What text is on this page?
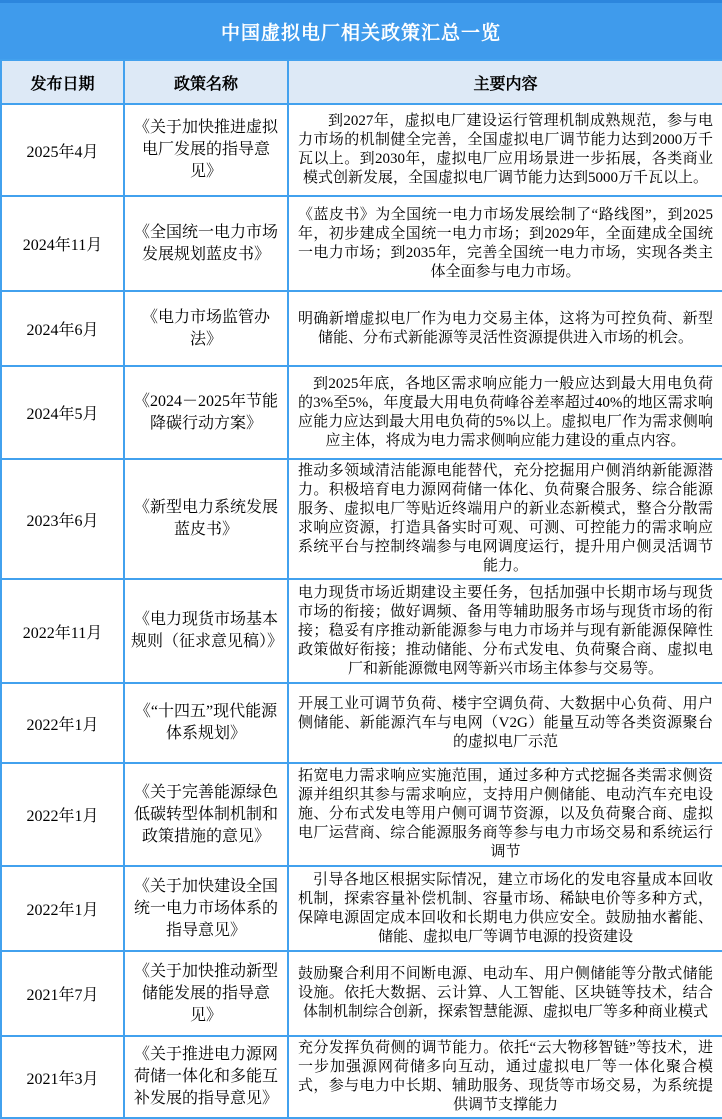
中国虚拟电厂相关政策汇总一览
发布日期	政策名称	主要内容
2025年4月	《关于加快推进虚拟电厂发展的指导意见》	到2027年，虚拟电厂建设运行管理机制成熟规范，参与电力市场的机制健全完善，全国虚拟电厂调节能力达到2000万千瓦以上。到2030年，虚拟电厂应用场景进一步拓展，各类商业模式创新发展，全国虚拟电厂调节能力达到5000万千瓦以上。

2024年11月	《全国统一电力市场发展规划蓝皮书》	《蓝皮书》为全国统一电力市场发展绘制了“路线图”，到2025年，初步建成全国统一电力市场；到2029年，全面建成全国统一电力市场；到2035年，完善全国统一电力市场，实现各类主体全面参与电力市场。

2024年6月	《电力市场监管办法》	明确新增虚拟电厂作为电力交易主体，这将为可控负荷、新型储能、分布式新能源等灵活性资源提供进入市场的机会。

2024年5月	《2024－2025年节能降碳行动方案》	到2025年底，各地区需求响应能力一般应达到最大用电负荷的3%至5%，年度最大用电负荷峰谷差率超过40%的地区需求响应能力应达到最大用电负荷的5%以上。虚拟电厂作为需求侧响应主体，将成为电力需求侧响应能力建设的重点内容。

2023年6月	《新型电力系统发展蓝皮书》	推动多领域清洁能源电能替代，充分挖掘用户侧消纳新能源潜力。积极培育电力源网荷储一体化、负荷聚合服务、综合能源服务、虚拟电厂等贴近终端用户的新业态新模式，整合分散需求响应资源，打造具备实时可观、可测、可控能力的需求响应系统平台与控制终端参与电网调度运行，提升用户侧灵活调节能力。

2022年11月	《电力现货市场基本规则（征求意见稿）》	电力现货市场近期建设主要任务，包括加强中长期市场与现货市场的衔接；做好调频、备用等辅助服务市场与现货市场的衔接；稳妥有序推动新能源参与电力市场并与现有新能源保障性政策做好衔接；推动储能、分布式发电、负荷聚合商、虚拟电厂和新能源微电网等新兴市场主体参与交易等。

2022年1月	《“十四五”现代能源体系规划》	开展工业可调节负荷、楼宇空调负荷、大数据中心负荷、用户侧储能、新能源汽车与电网（V2G）能量互动等各类资源聚台的虚拟电厂示范

2022年1月	《关于完善能源绿色低碳转型体制机制和政策措施的意见》	拓宽电力需求响应实施范围，通过多种方式挖掘各类需求侧资源并组织其参与需求响应，支持用户侧储能、电动汽车充电设施、分布式发电等用户侧可调节资源，以及负荷聚合商、虚拟电厂运营商、综合能源服务商等参与电力市场交易和系统运行调节

2022年1月	《关于加快建设全国统一电力市场体系的指导意见》	引导各地区根据实际情况，建立市场化的发电容量成本回收机制，探索容量补偿机制、容量市场、稀缺电价等多种方式，保障电源固定成本回收和长期电力供应安全。鼓励抽水蓄能、储能、虚拟电厂等调节电源的投资建设

2021年7月	《关于加快推动新型储能发展的指导意见》	鼓励聚合利用不间断电源、电动车、用户侧储能等分散式储能设施。依托大数据、云计算、人工智能、区块链等技术，结合体制机制综合创新，探索智慧能源、虚拟电厂等多种商业模式

2021年3月	《关于推进电力源网荷储一体化和多能互补发展的指导意见》	充分发挥负荷侧的调节能力。依托“云大物移智链”等技术，进一步加强源网荷储多向互动，通过虚拟电厂等一体化聚合模式，参与电力中长期、辅助服务、现货等市场交易，为系统提供调节支撑能力
